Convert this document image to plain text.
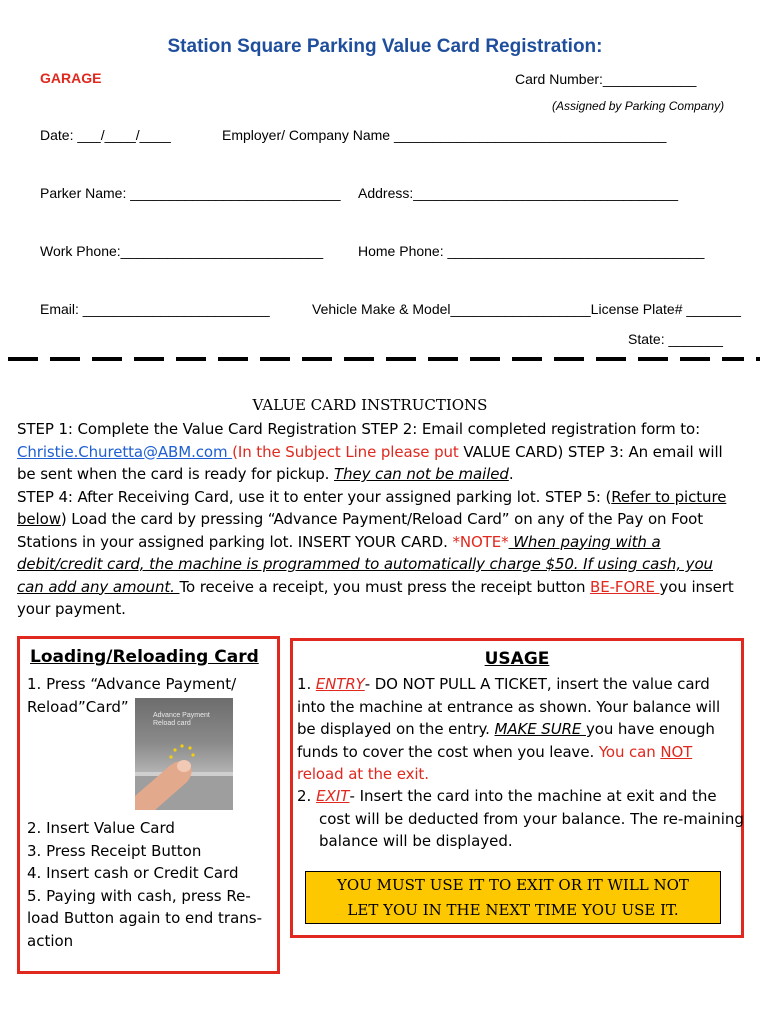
Station Square Parking Value Card Registration:
GARAGE	Card Number:____________
(Assigned by Parking Company)
Date: ___/____/____	Employer/ Company Name ___________________________________
Parker Name: ___________________________ Address:__________________________________
Work Phone:__________________________ Home Phone: _________________________________
Email: ________________________	Vehicle Make & Model__________________License Plate# _______
State: _______
VALUE CARD INSTRUCTIONS
STEP 1: Complete the Value Card Registration STEP 2: Email completed registration form to: Christie.Churetta@ABM.com (In the Subject Line please put VALUE CARD) STEP 3: An email will be sent when the card is ready for pickup. They can not be mailed.
STEP 4: After Receiving Card, use it to enter your assigned parking lot. STEP 5: (Refer to picture below) Load the card by pressing “Advance Payment/Reload Card” on any of the Pay on Foot Stations in your assigned parking lot. INSERT YOUR CARD. *NOTE* When paying with a debit/credit card, the machine is programmed to automatically charge $50. If using cash, you can add any amount. To receive a receipt, you must press the receipt button BE-FORE you insert your payment.
Loading/Reloading Card
1. Press “Advance Payment/ Reload”Card”
2. Insert Value Card
3. Press Receipt Button
4. Insert cash or Credit Card
5. Paying with cash, press Re-load Button again to end trans-action
Advance Payment Reload card
USAGE
1. ENTRY- DO NOT PULL A TICKET, insert the value card into the machine at entrance as shown. Your balance will be displayed on the entry. MAKE SURE you have enough funds to cover the cost when you leave. You can NOT reload at the exit.
2. EXIT- Insert the card into the machine at exit and the cost will be deducted from your balance. The re-maining balance will be displayed.
YOU MUST USE IT TO EXIT OR IT WILL NOT
LET YOU IN THE NEXT TIME YOU USE IT.
